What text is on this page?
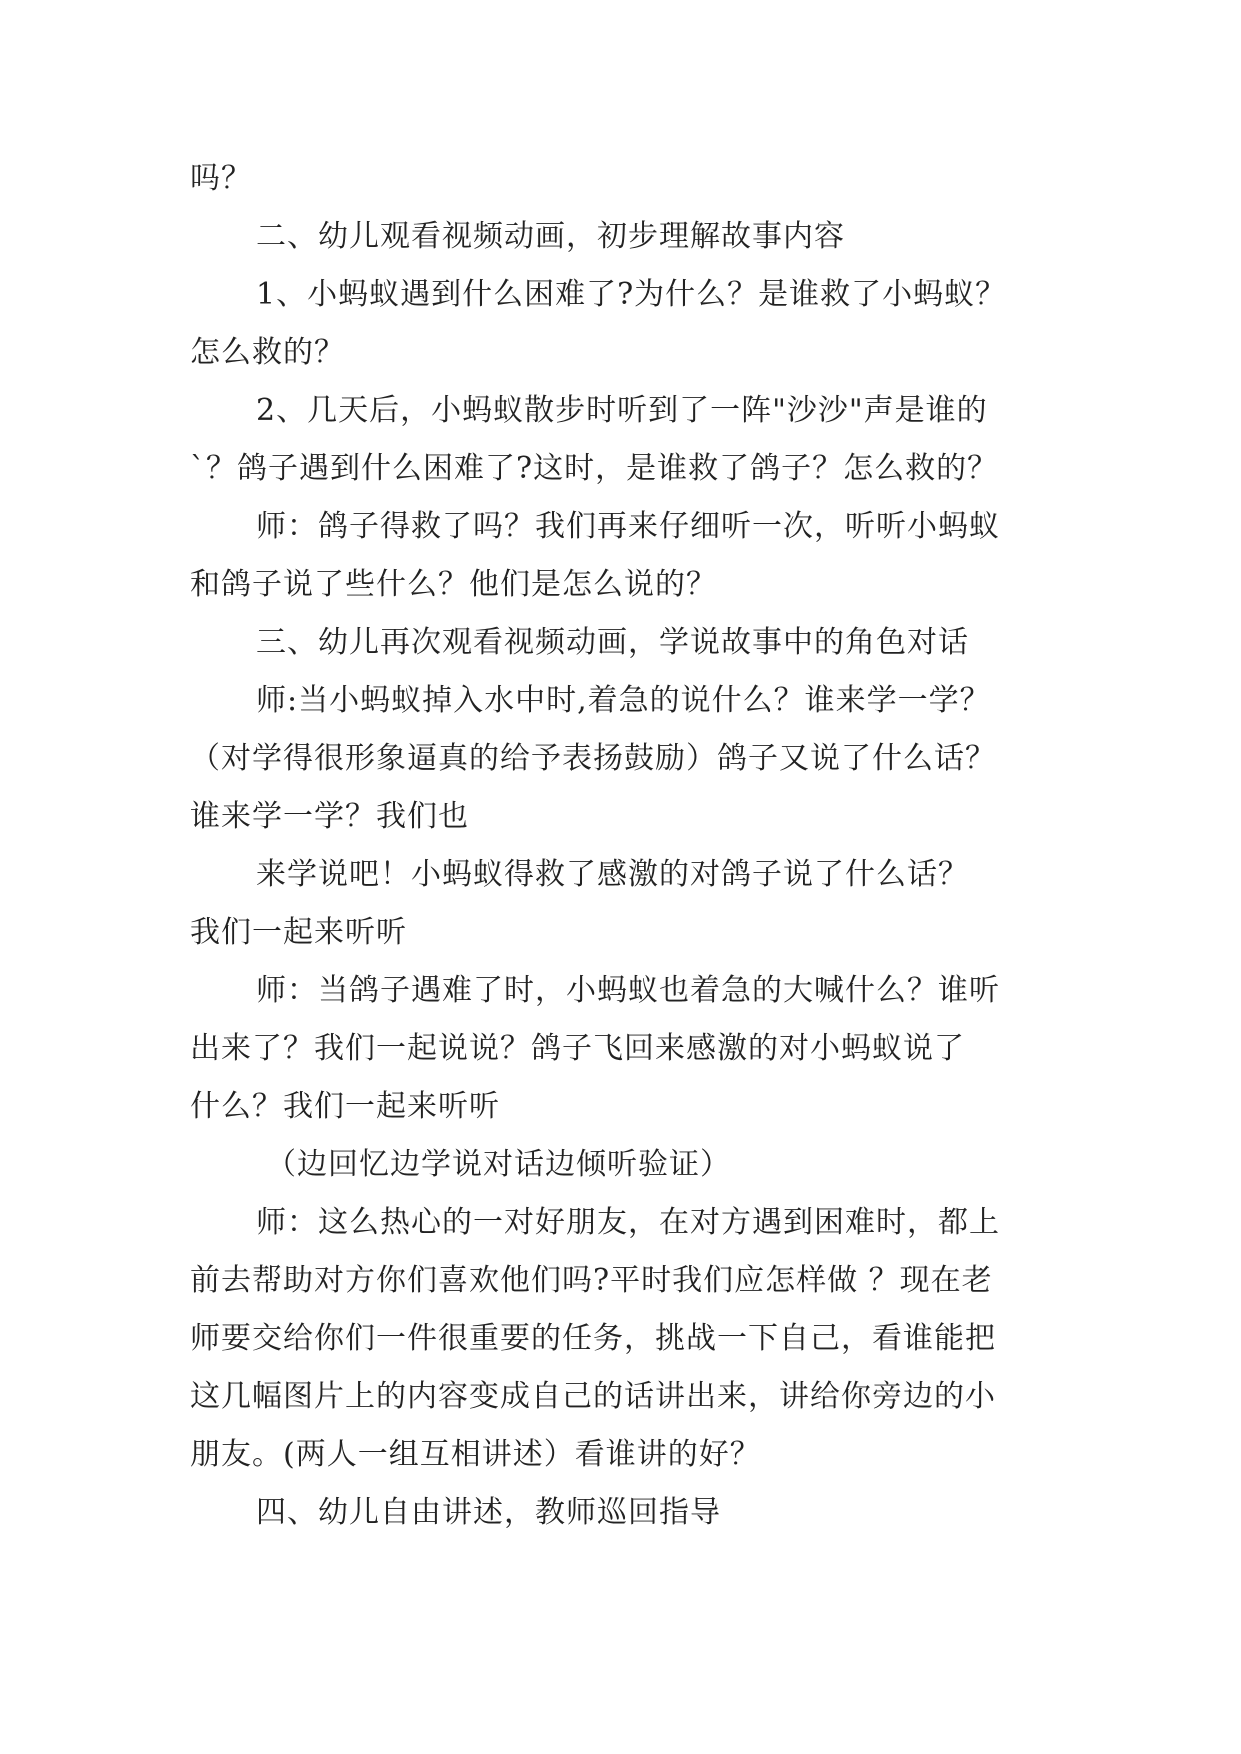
吗？
二、幼儿观看视频动画，初步理解故事内容
1、小蚂蚁遇到什么困难了?为什么？是谁救了小蚂蚁？
怎么救的？
2、几天后，小蚂蚁散步时听到了一阵"沙沙"声是谁的
`？鸽子遇到什么困难了?这时，是谁救了鸽子？怎么救的？
师：鸽子得救了吗？我们再来仔细听一次，听听小蚂蚁
和鸽子说了些什么？他们是怎么说的？
三、幼儿再次观看视频动画，学说故事中的角色对话
师:当小蚂蚁掉入水中时,着急的说什么？谁来学一学？
（对学得很形象逼真的给予表扬鼓励）鸽子又说了什么话？
谁来学一学？我们也
来学说吧！小蚂蚁得救了感激的对鸽子说了什么话？
我们一起来听听
师：当鸽子遇难了时，小蚂蚁也着急的大喊什么？谁听
出来了？我们一起说说？鸽子飞回来感激的对小蚂蚁说了
什么？我们一起来听听
（边回忆边学说对话边倾听验证）
师：这么热心的一对好朋友，在对方遇到困难时，都上
前去帮助对方你们喜欢他们吗?平时我们应怎样做 ？现在老
师要交给你们一件很重要的任务，挑战一下自己，看谁能把
这几幅图片上的内容变成自己的话讲出来，讲给你旁边的小
朋友。(两人一组互相讲述）看谁讲的好？
四、幼儿自由讲述，教师巡回指导
